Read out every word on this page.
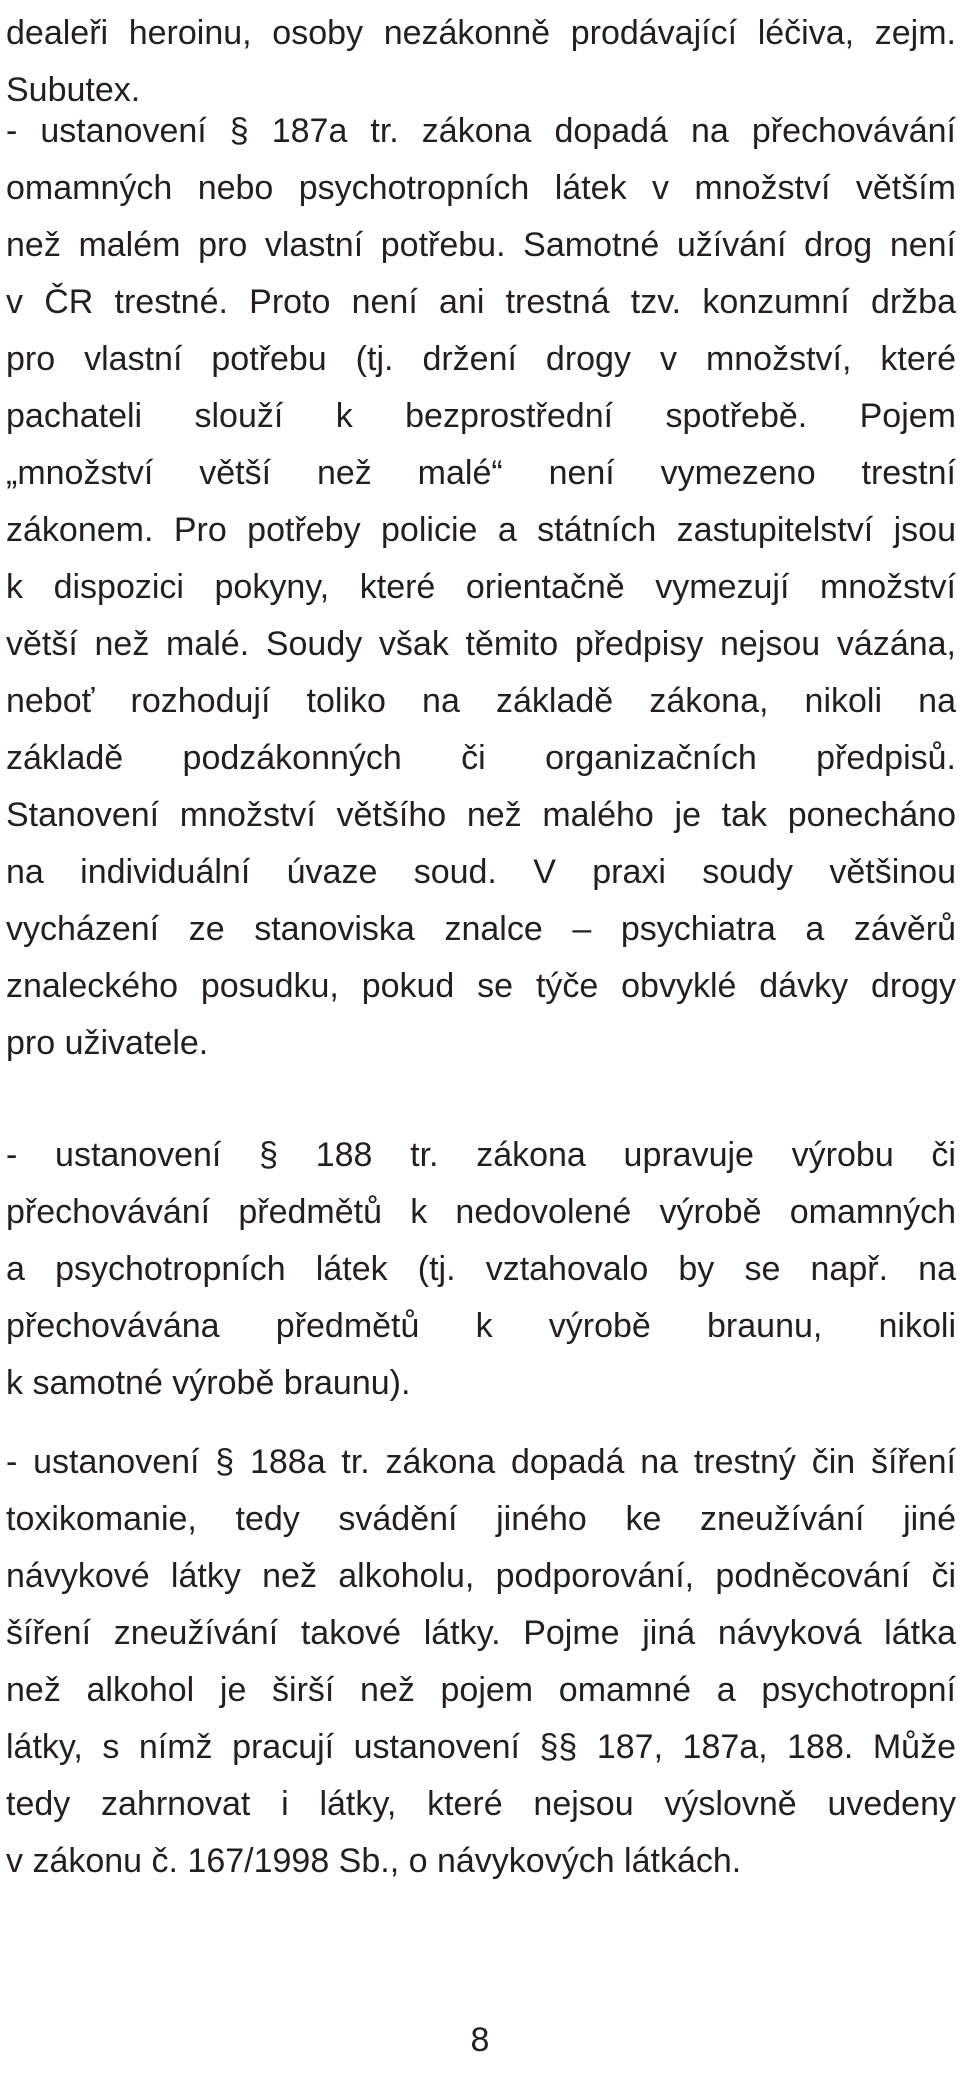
dealeři heroinu, osoby nezákonně prodávající léčiva, zejm.
Subutex.
- ustanovení § 187a tr. zákona dopadá na přechovávání
omamných nebo psychotropních látek v množství větším
než malém pro vlastní potřebu. Samotné užívání drog není
v ČR trestné. Proto není ani trestná tzv. konzumní držba
pro vlastní potřebu (tj. držení drogy v množství, které
pachateli slouží k bezprostřední spotřebě. Pojem
„množství větší než malé“ není vymezeno trestní
zákonem. Pro potřeby policie a státních zastupitelství jsou
k dispozici pokyny, které orientačně vymezují množství
větší než malé. Soudy však těmito předpisy nejsou vázána,
neboť rozhodují toliko na základě zákona, nikoli na
základě podzákonných či organizačních předpisů.
Stanovení množství většího než malého je tak ponecháno
na individuální úvaze soud. V praxi soudy většinou
vycházení ze stanoviska znalce – psychiatra a závěrů
znaleckého posudku, pokud se týče obvyklé dávky drogy
pro uživatele.
- ustanovení § 188 tr. zákona upravuje výrobu či
přechovávání předmětů k nedovolené výrobě omamných
a psychotropních látek (tj. vztahovalo by se např. na
přechovávána předmětů k výrobě braunu, nikoli
k samotné výrobě braunu).
- ustanovení § 188a tr. zákona dopadá na trestný čin šíření
toxikomanie, tedy svádění jiného ke zneužívání jiné
návykové látky než alkoholu, podporování, podněcování či
šíření zneužívání takové látky. Pojme jiná návyková látka
než alkohol je širší než pojem omamné a psychotropní
látky, s nímž pracují ustanovení §§ 187, 187a, 188. Může
tedy zahrnovat i látky, které nejsou výslovně uvedeny
v zákonu č. 167/1998 Sb., o návykových látkách.
8
